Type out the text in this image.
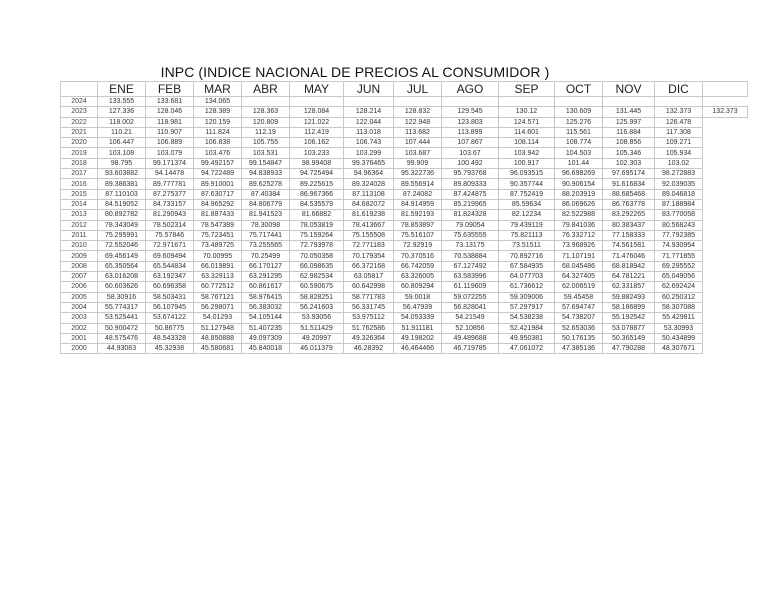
INPC (INDICE NACIONAL DE PRECIOS AL CONSUMIDOR )
	ENE	FEB	MAR	ABR	MAY	JUN	JUL	AGO	SEP	OCT	NOV	DIC	
2024	133.555	133.681	134.065										
2023	127.336	128.046	128.389	128.363	128.084	128.214	128.832	129.545	130.12	130.609	131.445	132.373	132.373
2022	118.002	118.981	120.159	120.809	121.022	122.044	122.948	123.803	124.571	125.276	125.997	126.478	
2021	110.21	110.907	111.824	112.19	112.419	113.018	113.682	113.899	114.601	115.561	116.884	117.308	
2020	106.447	106.889	106.838	105.755	106.162	106.743	107.444	107.867	108.114	108.774	108.856	109.271	
2019	103.108	103.079	103.476	103.531	103.233	103.299	103.687	103.67	103.942	104.503	105.346	105.934	
2018	98.795	99.171374	99.492157	99.154847	98.99408	99.376465	99.909	100.492	100.917	101.44	102.303	103.02	
2017	93.603882	94.14478	94.722489	94.838933	94.725494	94.96364	95.322736	95.793768	96.093515	96.698269	97.695174	98.272883	
2016	89.386381	89.777781	89.910001	89.625278	89.225615	89.324028	89.556914	89.809333	90.357744	90.906154	91.616834	92.039035	
2015	87.110103	87.275377	87.630717	87.40384	86.967366	87.113108	87.24082	87.424875	87.752419	88.203919	88.685468	89.046818	
2014	84.519052	84.733157	84.965292	84.806779	84.535579	84.682072	84.914959	85.219965	85.59634	86.069626	86.763778	87.188984	
2013	80.892782	81.290943	81.887433	81.941523	81.66882	81.619238	81.592193	81.824328	82.12234	82.522988	83.292265	83.770058	
2012	78.343049	78.502314	78.547389	78.30098	78.053819	78.413667	78.853897	79.09054	79.439119	79.841036	80.383437	80.568243	
2011	75.295991	75.57846	75.723451	75.717441	75.159264	75.155508	75.516107	75.635555	75.821113	76.332712	77.158333	77.792385	
2010	72.552046	72.971671	73.489725	73.255565	72.793978	72.771183	72.92919	73.13175	73.51511	73.968926	74.561581	74.930954	
2009	69.456149	69.609494	70.00995	70.25499	70.050358	70.179354	70.370516	70.538884	70.892716	71.107191	71.476046	71.771855	
2008	65.350564	65.544834	66.019891	66.170127	66.098635	66.372168	66.742059	67.127492	67.584935	68.045486	68.818942	69.295552	
2007	63.016208	63.192347	63.329113	63.291295	62.982534	63.05817	63.326005	63.583996	64.077703	64.327405	64.781221	65.049056	
2006	60.603626	60.696358	60.772512	60.861617	60.590675	60.642998	60.809294	61.119609	61.736612	62.006519	62.331857	62.692424	
2005	58.30916	58.503431	58.767121	58.976415	58.828251	58.771783	59.0018	59.072255	59.309006	59.45458	59.882493	60.250312	
2004	55.774317	56.107945	56.298071	56.383032	56.241603	56.331745	56.47939	56.828041	57.297917	57.694747	58.186899	58.307088	
2003	53.525441	53.674122	54.01293	54.105144	53.93056	53.975112	54.053339	54.21549	54.538238	54.738207	55.192542	55.429811	
2002	50.900472	50.86775	51.127948	51.407235	51.511429	51.762586	51.911181	52.10856	52.421984	52.653036	53.078877	53.30993	
2001	48.575476	48.543328	48.850888	49.097309	49.20997	49.326364	49.198202	49.489688	49.950381	50.176135	50.365149	50.434899	
2000	44.93083	45.32938	45.580681	45.840018	46.011379	46.28392	46.464466	46.719785	47.061072	47.385136	47.790288	48.307671	
